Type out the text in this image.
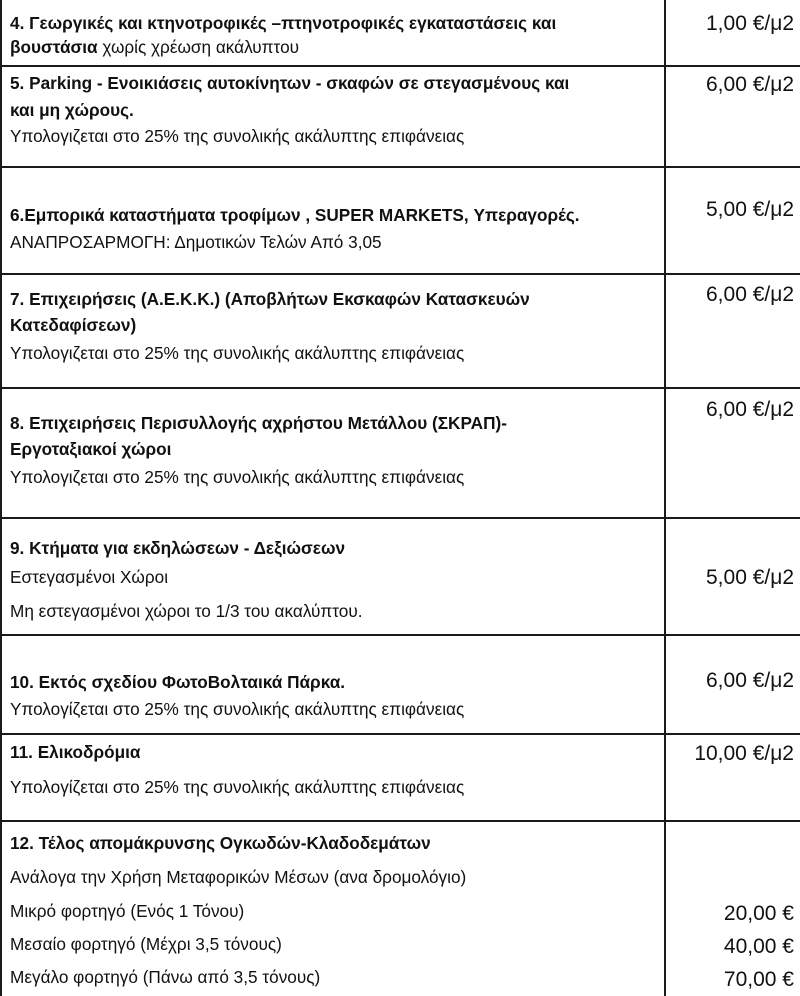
4. Γεωργικές και κτηνοτροφικές –πτηνοτροφικές εγκαταστάσεις και
βουστάσια χωρίς χρέωση ακάλυπτου
1,00 €/μ2
5. Parking - Ενοικιάσεις αυτοκίνητων - σκαφών σε στεγασμένους και
και μη χώρους.
Υπολογιζεται στο 25% της συνολικής ακάλυπτης επιφάνειας
6,00 €/μ2
6.Εμπορικά καταστήματα τροφίμων , SUPER MARKETS, Υπεραγορές.
ΑΝΑΠΡΟΣΑΡΜΟΓΗ: Δημοτικών Τελών Από 3,05
5,00 €/μ2
7. Επιχειρήσεις (Α.Ε.Κ.Κ.) (Αποβλήτων Εκσκαφών Κατασκευών
Κατεδαφίσεων)
Υπολογιζεται στο 25% της συνολικής ακάλυπτης επιφάνειας
6,00 €/μ2
8. Επιχειρήσεις Περισυλλογής αχρήστου Μετάλλου (ΣΚΡΑΠ)-
Εργοταξιακοί χώροι
Υπολογιζεται στο 25% της συνολικής ακάλυπτης επιφάνειας
6,00 €/μ2
9. Κτήματα για εκδηλώσεων - Δεξιώσεων
Εστεγασμένοι Χώροι
Μη εστεγασμένοι χώροι το 1/3 του ακαλύπτου.
5,00 €/μ2
10. Εκτός σχεδίου ΦωτοΒολταικά Πάρκα.
Υπολογίζεται στο 25% της συνολικής ακάλυπτης επιφάνειας
6,00 €/μ2
11. Ελικοδρόμια
Υπολογίζεται στο 25% της συνολικής ακάλυπτης επιφάνειας
10,00 €/μ2
12. Τέλος απομάκρυνσης Ογκωδών-Κλαδοδεμάτων
Ανάλογα την Χρήση Μεταφορικών Μέσων (ανα δρομολόγιο)
Μικρό φορτηγό (Ενός 1 Τόνου)
Μεσαίο φορτηγό (Μέχρι 3,5 τόνους)
Μεγάλο φορτηγό (Πάνω από 3,5 τόνους)
20,00 €
40,00 €
70,00 €
